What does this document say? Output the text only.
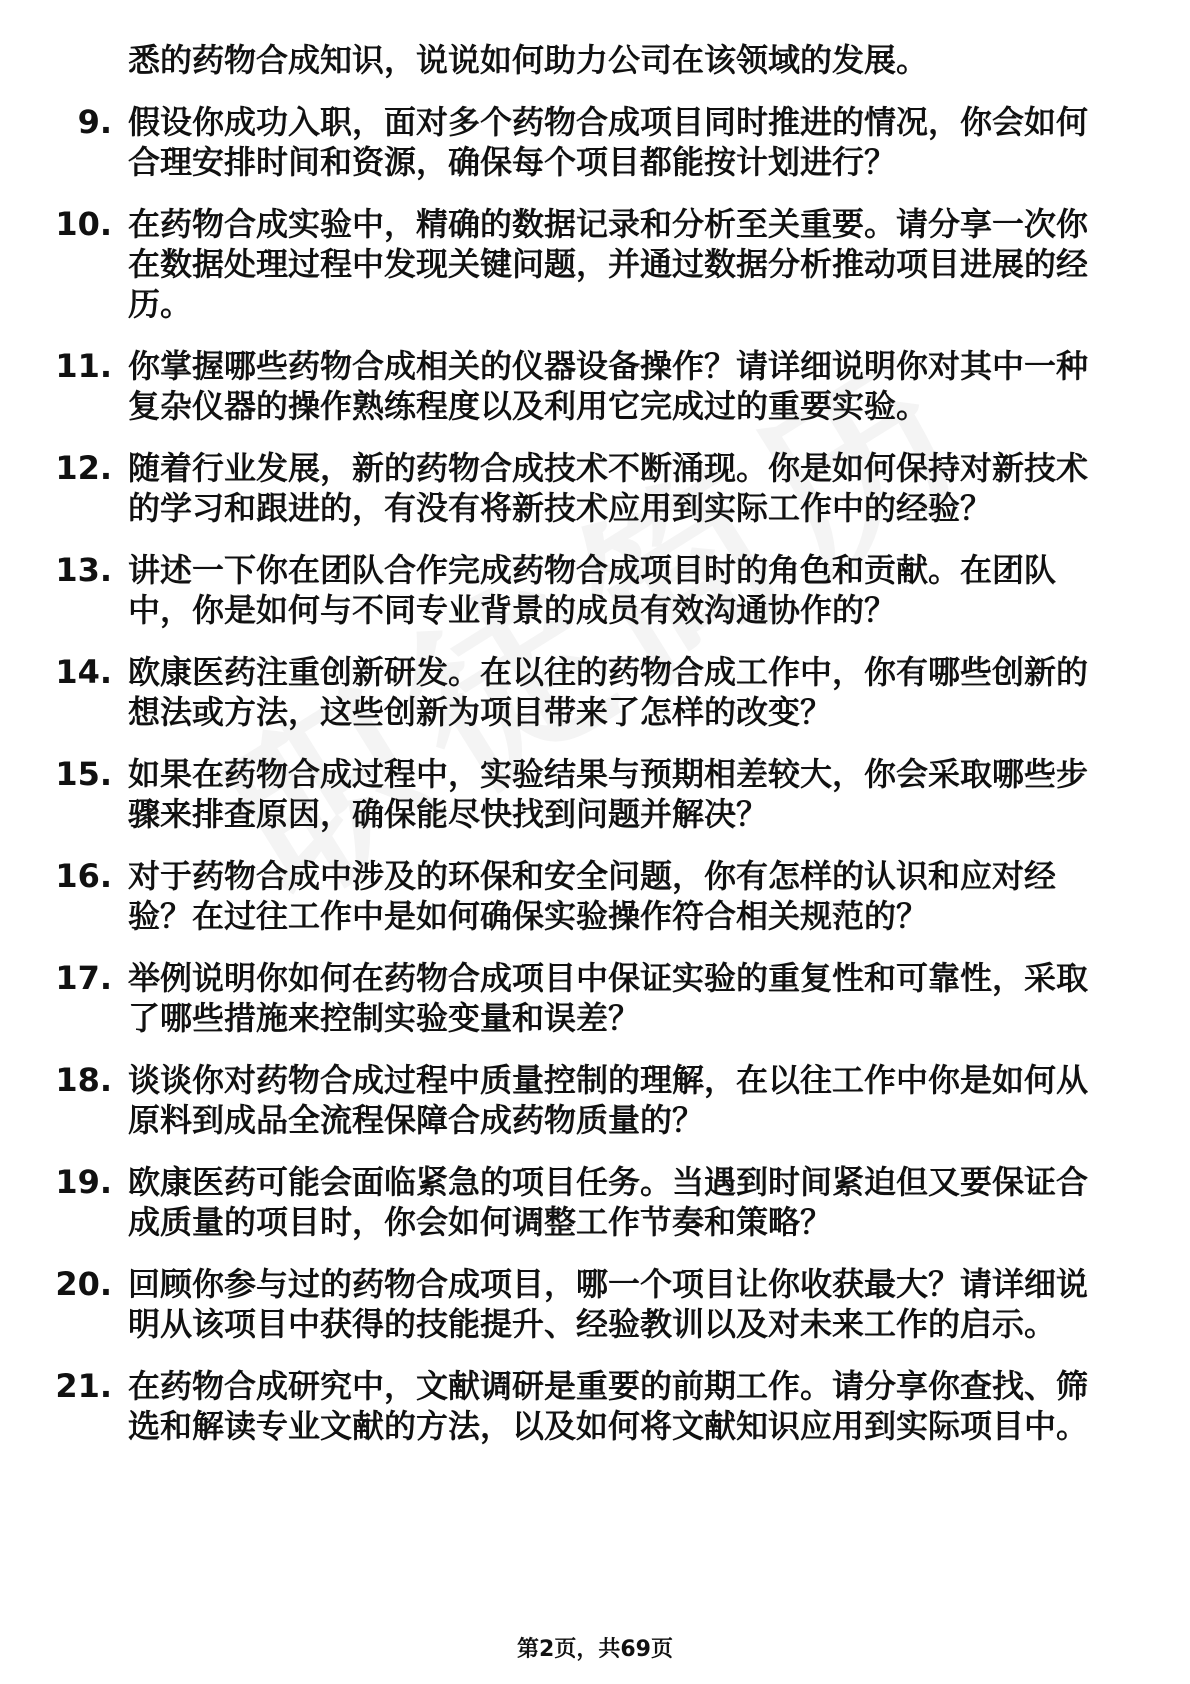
悉的药物合成知识，说说如何助力公司在该领域的发展。
9. 假设你成功入职，面对多个药物合成项目同时推进的情况，你会如何合理安排时间和资源，确保每个项目都能按计划进行？
10. 在药物合成实验中，精确的数据记录和分析至关重要。请分享一次你在数据处理过程中发现关键问题，并通过数据分析推动项目进展的经历。
11. 你掌握哪些药物合成相关的仪器设备操作？请详细说明你对其中一种复杂仪器的操作熟练程度以及利用它完成过的重要实验。
12. 随着行业发展，新的药物合成技术不断涌现。你是如何保持对新技术的学习和跟进的，有没有将新技术应用到实际工作中的经验？
13. 讲述一下你在团队合作完成药物合成项目时的角色和贡献。在团队中，你是如何与不同专业背景的成员有效沟通协作的？
14. 欧康医药注重创新研发。在以往的药物合成工作中，你有哪些创新的想法或方法，这些创新为项目带来了怎样的改变？
15. 如果在药物合成过程中，实验结果与预期相差较大，你会采取哪些步骤来排查原因，确保能尽快找到问题并解决？
16. 对于药物合成中涉及的环保和安全问题，你有怎样的认识和应对经验？在过往工作中是如何确保实验操作符合相关规范的？
17. 举例说明你如何在药物合成项目中保证实验的重复性和可靠性，采取了哪些措施来控制实验变量和误差？
18. 谈谈你对药物合成过程中质量控制的理解，在以往工作中你是如何从原料到成品全流程保障合成药物质量的？
19. 欧康医药可能会面临紧急的项目任务。当遇到时间紧迫但又要保证合成质量的项目时，你会如何调整工作节奏和策略？
20. 回顾你参与过的药物合成项目，哪一个项目让你收获最大？请详细说明从该项目中获得的技能提升、经验教训以及对未来工作的启示。
21. 在药物合成研究中，文献调研是重要的前期工作。请分享你查找、筛选和解读专业文献的方法，以及如何将文献知识应用到实际项目中。
第2页，共69页
